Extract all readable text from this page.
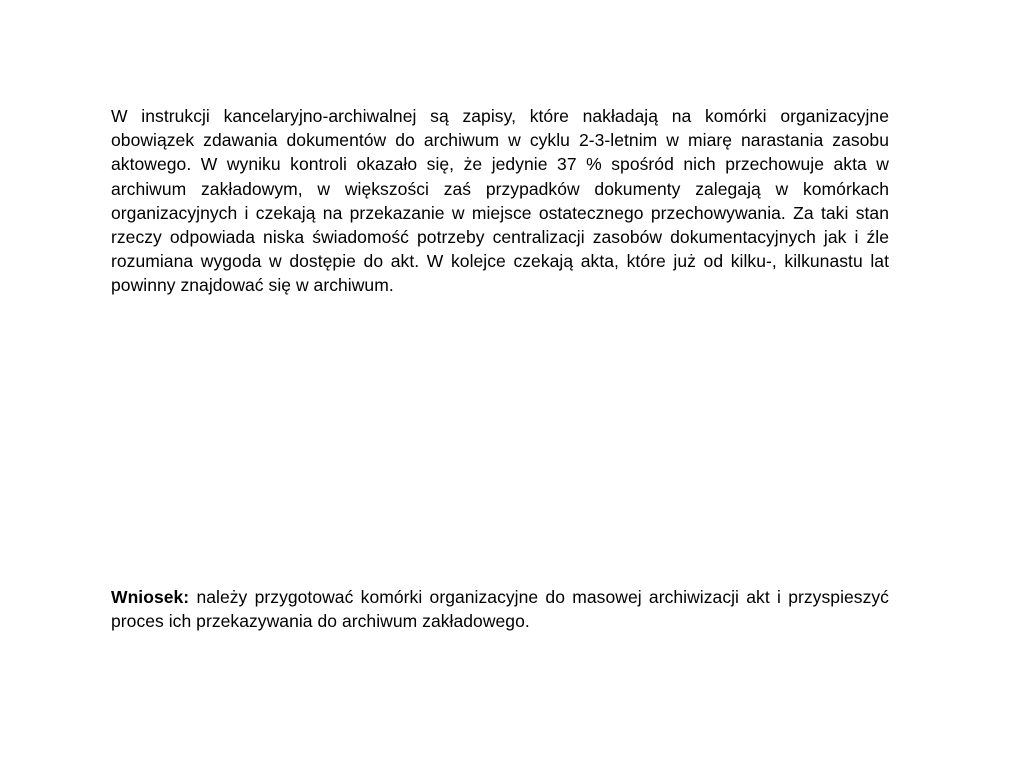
W instrukcji kancelaryjno-archiwalnej są zapisy, które nakładają na komórki organizacyjne obowiązek zdawania dokumentów do archiwum w cyklu 2-3-letnim w miarę narastania zasobu aktowego. W wyniku kontroli okazało się, że jedynie 37 % spośród nich przechowuje akta w archiwum zakładowym, w większości zaś przypadków dokumenty zalegają w komórkach organizacyjnych i czekają na przekazanie w miejsce ostatecznego przechowywania. Za taki stan rzeczy odpowiada niska świadomość potrzeby centralizacji zasobów dokumentacyjnych jak i źle rozumiana wygoda w dostępie do akt. W kolejce czekają akta, które już od kilku-, kilkunastu lat powinny znajdować się w archiwum.

Wniosek: należy przygotować komórki organizacyjne do masowej archiwizacji akt i przyspieszyć proces ich przekazywania do archiwum zakładowego.
